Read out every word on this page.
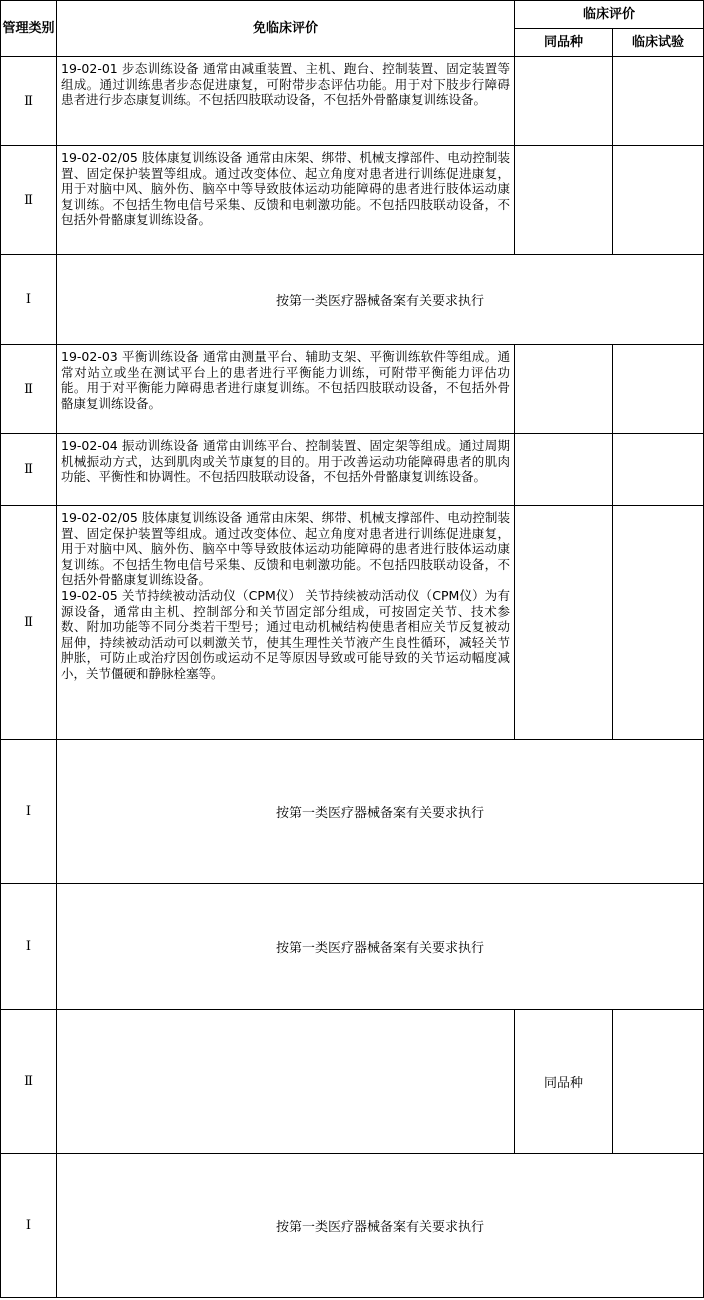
管理类别	免临床评价	临床评价	
		同品种	临床试验
Ⅱ	19-02-01 步态训练设备 通常由减重装置、主机、跑台、控制装置、固定装置等组成。通过训练患者步态促进康复，可附带步态评估功能。用于对下肢步行障碍患者进行步态康复训练。不包括四肢联动设备，不包括外骨骼康复训练设备。		
Ⅱ	19-02-02/05 肢体康复训练设备 通常由床架、绑带、机械支撑部件、电动控制装置、固定保护装置等组成。通过改变体位、起立角度对患者进行训练促进康复，用于对脑中风、脑外伤、脑卒中等导致肢体运动功能障碍的患者进行肢体运动康复训练。不包括生物电信号采集、反馈和电刺激功能。不包括四肢联动设备，不包括外骨骼康复训练设备。		
Ⅰ	按第一类医疗器械备案有关要求执行		
Ⅱ	19-02-03 平衡训练设备 通常由测量平台、辅助支架、平衡训练软件等组成。通常对站立或坐在测试平台上的患者进行平衡能力训练，可附带平衡能力评估功能。用于对平衡能力障碍患者进行康复训练。不包括四肢联动设备，不包括外骨骼康复训练设备。		
Ⅱ	19-02-04 振动训练设备 通常由训练平台、控制装置、固定架等组成。通过周期机械振动方式，达到肌肉或关节康复的目的。用于改善运动功能障碍患者的肌肉功能、平衡性和协调性。不包括四肢联动设备，不包括外骨骼康复训练设备。		
Ⅱ	19-02-02/05 肢体康复训练设备 通常由床架、绑带、机械支撑部件、电动控制装置、固定保护装置等组成。通过改变体位、起立角度对患者进行训练促进康复，用于对脑中风、脑外伤、脑卒中等导致肢体运动功能障碍的患者进行肢体运动康复训练。不包括生物电信号采集、反馈和电刺激功能。不包括四肢联动设备，不包括外骨骼康复训练设备。
19-02-05 关节持续被动活动仪（CPM仪） 关节持续被动活动仪（CPM仪）为有源设备，通常由主机、控制部分和关节固定部分组成，可按固定关节、技术参数、附加功能等不同分类若干型号；通过电动机械结构使患者相应关节反复被动屈伸，持续被动活动可以刺激关节，使其生理性关节液产生良性循环，减轻关节肿胀，可防止或治疗因创伤或运动不足等原因导致或可能导致的关节运动幅度减小，关节僵硬和静脉栓塞等。		
Ⅰ	按第一类医疗器械备案有关要求执行		
Ⅰ	按第一类医疗器械备案有关要求执行		
Ⅱ		同品种	
Ⅰ	按第一类医疗器械备案有关要求执行		
